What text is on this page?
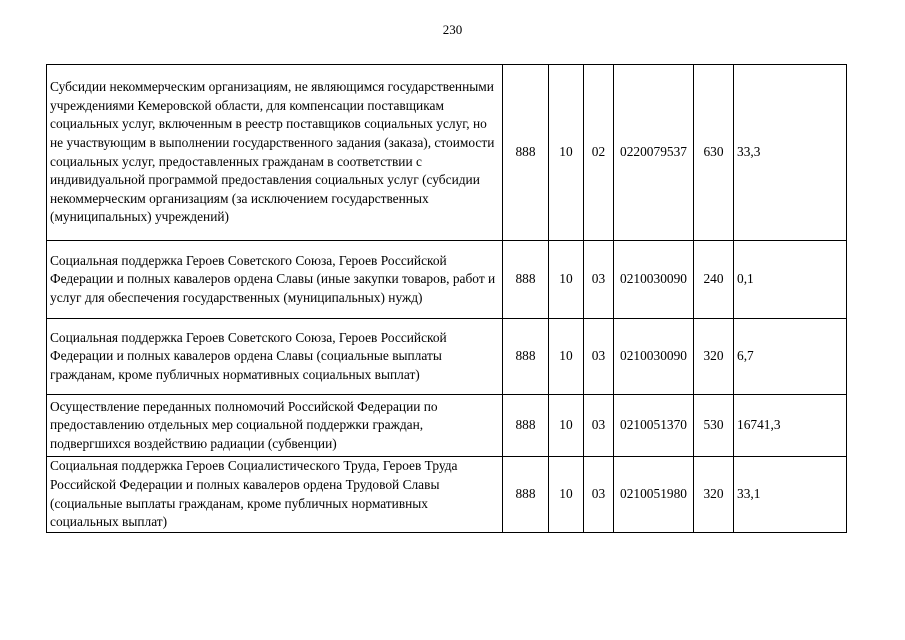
230
Субсидии некоммерческим организациям, не являющимся государственными учреждениями Кемеровской области, для компенсации поставщикам социальных услуг, включенным в реестр поставщиков социальных услуг, но не участвующим в выполнении государственного задания (заказа), стоимости социальных услуг, предоставленных гражданам в соответствии с индивидуальной программой предоставления социальных услуг (субсидии некоммерческим организациям (за исключением государственных (муниципальных) учреждений)	888	10	02	0220079537	630	33,3
Социальная поддержка Героев Советского Союза, Героев Российской Федерации и полных кавалеров ордена Славы (иные закупки товаров, работ и услуг для обеспечения государственных (муниципальных) нужд)	888	10	03	0210030090	240	0,1
Социальная поддержка Героев Советского Союза, Героев Российской Федерации и полных кавалеров ордена Славы (социальные выплаты гражданам, кроме публичных нормативных социальных выплат)	888	10	03	0210030090	320	6,7
Осуществление переданных полномочий Российской Федерации по предоставлению отдельных мер социальной поддержки граждан, подвергшихся воздействию радиации (субвенции)	888	10	03	0210051370	530	16741,3
Социальная поддержка Героев Социалистического Труда, Героев Труда Российской Федерации и полных кавалеров ордена Трудовой Славы (социальные выплаты гражданам, кроме публичных нормативных социальных выплат)	888	10	03	0210051980	320	33,1
